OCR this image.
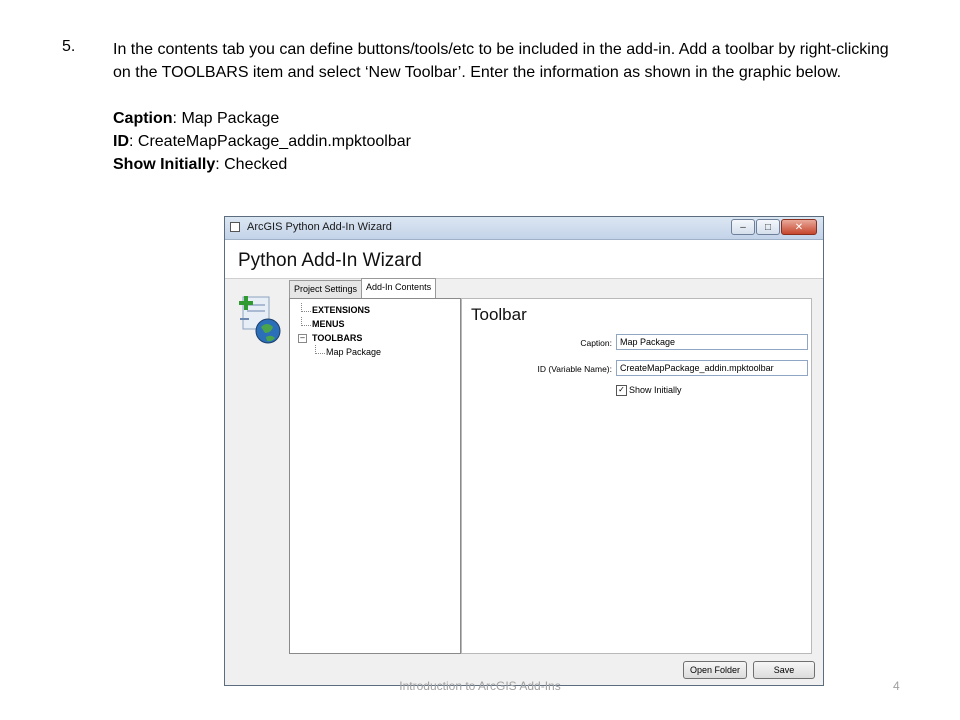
5. In the contents tab you can define buttons/tools/etc to be included in the add-in. Add a toolbar by right-clicking on the TOOLBARS item and select ‘New Toolbar’. Enter the information as shown in the graphic below.

Caption: Map Package
ID: CreateMapPackage_addin.mpktoolbar
Show Initially: Checked
ArcGIS Python Add-In Wizard	–	□	✕
Python Add-In Wizard
Project Settings	Add-In Contents
EXTENSIONS
MENUS
– TOOLBARS
Map Package
Toolbar
Caption: Map Package
ID (Variable Name): CreateMapPackage_addin.mpktoolbar
✓ Show Initially
Open Folder	Save
Introduction to ArcGIS Add-Ins	4
